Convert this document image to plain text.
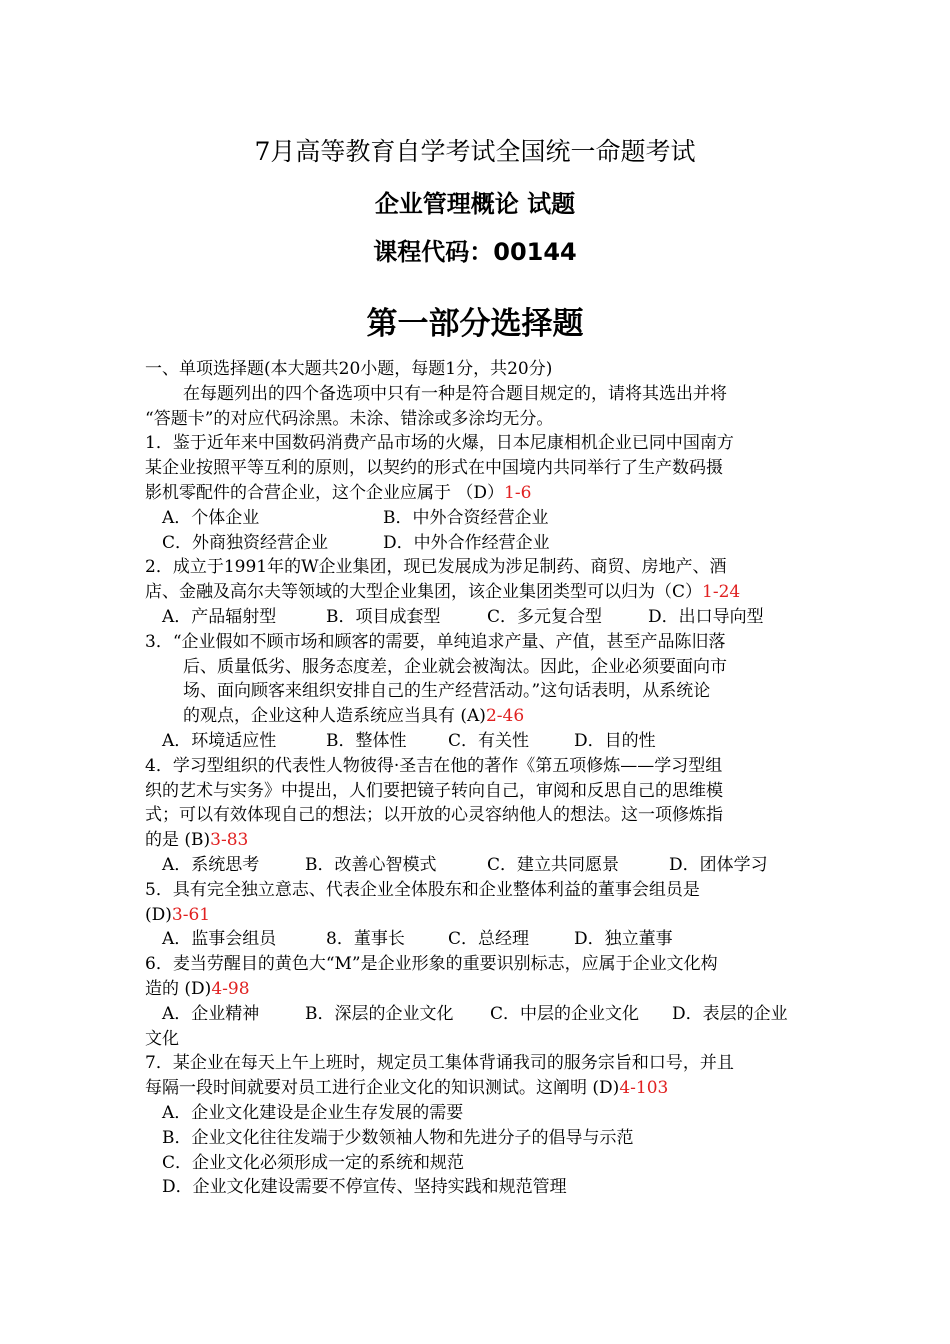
7月高等教育自学考试全国统一命题考试
企业管理概论 试题
课程代码：00144
第一部分选择题
一、单项选择题(本大题共20小题，每题1分，共20分)
在每题列出的四个备选项中只有一种是符合题目规定的，请将其选出并将
“答题卡”的对应代码涂黑。未涂、错涂或多涂均无分。
1．鉴于近年来中国数码消费产品市场的火爆，日本尼康相机企业已同中国南方
某企业按照平等互利的原则，以契约的形式在中国境内共同举行了生产数码摄
影机零配件的合营企业，这个企业应属于 （D）1-6
A．个体企业	B．中外合资经营企业
C．外商独资经营企业	D．中外合作经营企业
2．成立于1991年的W企业集团，现已发展成为涉足制药、商贸、房地产、酒
店、金融及高尔夫等领域的大型企业集团，该企业集团类型可以归为（C）1-24
A．产品辐射型	B．项目成套型	C．多元复合型	D．出口导向型
3．“企业假如不顾市场和顾客的需要，单纯追求产量、产值，甚至产品陈旧落
后、质量低劣、服务态度差，企业就会被淘汰。因此，企业必须要面向市
场、面向顾客来组织安排自己的生产经营活动。”这句话表明，从系统论
的观点，企业这种人造系统应当具有 (A)2-46
A．环境适应性	B．整体性 C．有关性	D．目的性
4．学习型组织的代表性人物彼得·圣吉在他的著作《第五项修炼——学习型组
织的艺术与实务》中提出，人们要把镜子转向自己，审阅和反思自己的思维模
式；可以有效体现自己的想法；以开放的心灵容纳他人的想法。这一项修炼指
的是 (B)3-83
A．系统思考	B．改善心智模式	C．建立共同愿景	D．团体学习
5．具有完全独立意志、代表企业全体股东和企业整体利益的董事会组员是
(D)3-61
A．监事会组员	8．董事长	C．总经理	D．独立董事
6．麦当劳醒目的黄色大“M”是企业形象的重要识别标志，应属于企业文化构
造的 (D)4-98
A．企业精神	B．深层的企业文化 C．中层的企业文化 D．表层的企业
文化
7．某企业在每天上午上班时，规定员工集体背诵我司的服务宗旨和口号，并且
每隔一段时间就要对员工进行企业文化的知识测试。这阐明 (D)4-103
A．企业文化建设是企业生存发展的需要
B．企业文化往往发端于少数领袖人物和先进分子的倡导与示范
C．企业文化必须形成一定的系统和规范
D．企业文化建设需要不停宣传、坚持实践和规范管理
